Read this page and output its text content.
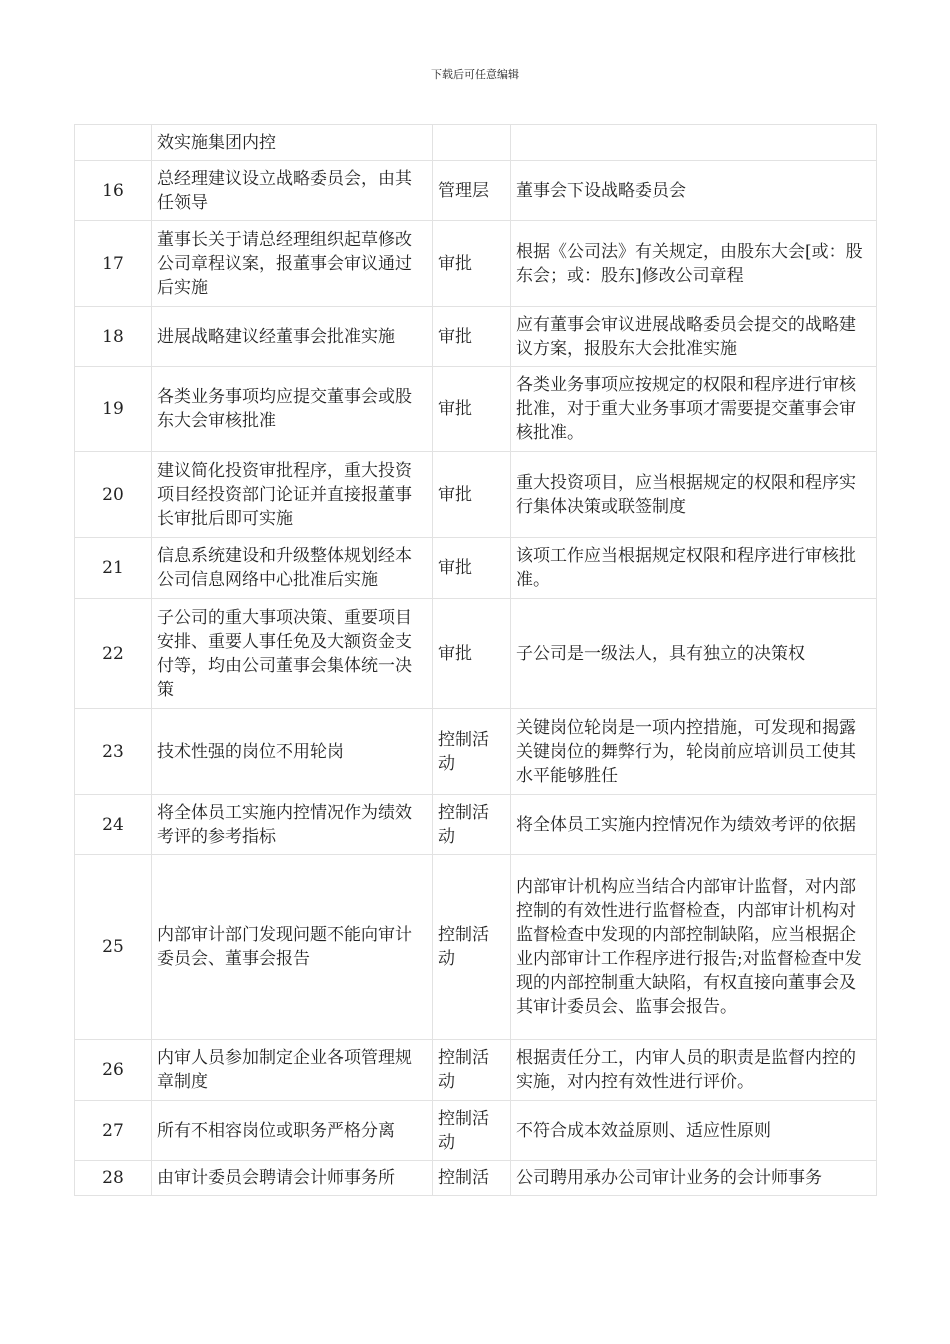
下载后可任意编辑
	效实施集团内控		
16	总经理建议设立战略委员会，由其任领导	管理层	董事会下设战略委员会
17	董事长关于请总经理组织起草修改公司章程议案，报董事会审议通过后实施	审批	根据《公司法》有关规定，由股东大会[或：股东会；或：股东]修改公司章程
18	进展战略建议经董事会批准实施	审批	应有董事会审议进展战略委员会提交的战略建议方案，报股东大会批准实施
19	各类业务事项均应提交董事会或股东大会审核批准	审批	各类业务事项应按规定的权限和程序进行审核批准，对于重大业务事项才需要提交董事会审核批准。
20	建议简化投资审批程序，重大投资项目经投资部门论证并直接报董事长审批后即可实施	审批	重大投资项目，应当根据规定的权限和程序实行集体决策或联签制度
21	信息系统建设和升级整体规划经本公司信息网络中心批准后实施	审批	该项工作应当根据规定权限和程序进行审核批准。
22	子公司的重大事项决策、重要项目安排、重要人事任免及大额资金支付等，均由公司董事会集体统一决策	审批	子公司是一级法人，具有独立的决策权
23	技术性强的岗位不用轮岗	控制活动	关键岗位轮岗是一项内控措施，可发现和揭露关键岗位的舞弊行为，轮岗前应培训员工使其水平能够胜任
24	将全体员工实施内控情况作为绩效考评的参考指标	控制活动	将全体员工实施内控情况作为绩效考评的依据
25	内部审计部门发现问题不能向审计委员会、董事会报告	控制活动	内部审计机构应当结合内部审计监督，对内部控制的有效性进行监督检查，内部审计机构对监督检查中发现的内部控制缺陷，应当根据企业内部审计工作程序进行报告;对监督检查中发现的内部控制重大缺陷，有权直接向董事会及其审计委员会、监事会报告。
26	内审人员参加制定企业各项管理规章制度	控制活动	根据责任分工，内审人员的职责是监督内控的实施，对内控有效性进行评价。
27	所有不相容岗位或职务严格分离	控制活动	不符合成本效益原则、适应性原则
28	由审计委员会聘请会计师事务所	控制活	公司聘用承办公司审计业务的会计师事务
